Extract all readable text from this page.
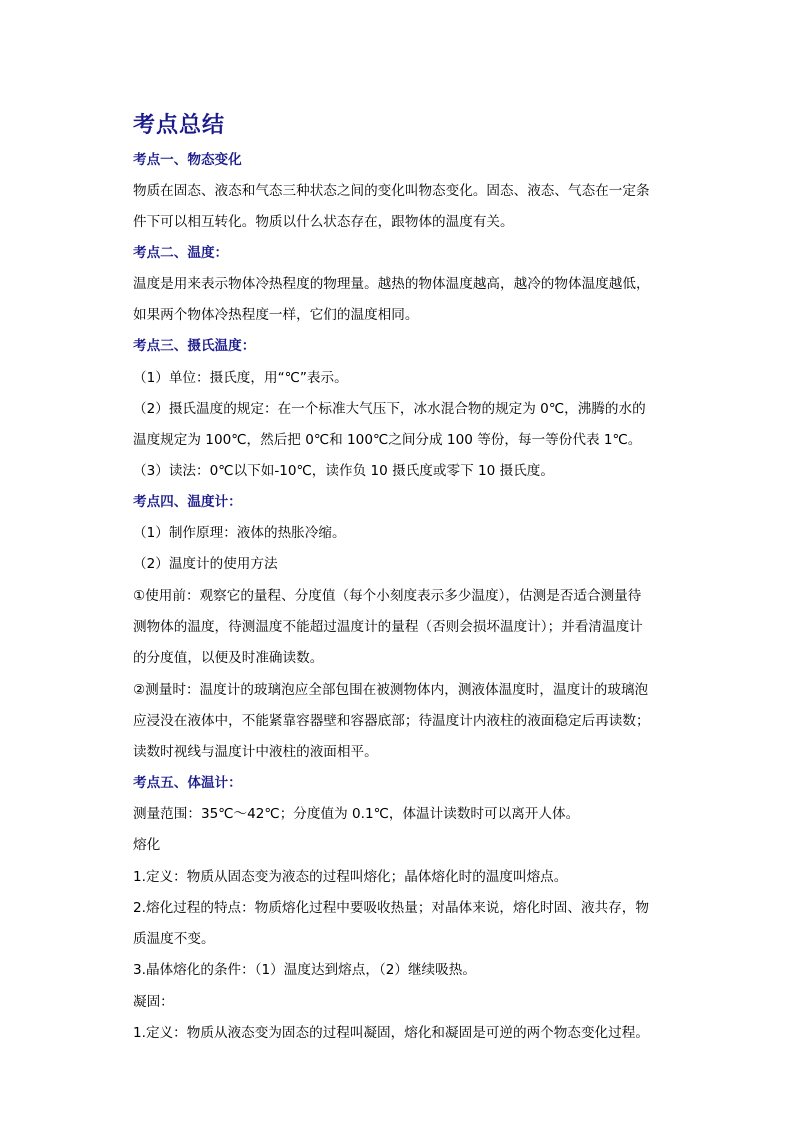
考点总结
考点一、物态变化
物质在固态、液态和气态三种状态之间的变化叫物态变化。固态、液态、气态在一定条
件下可以相互转化。物质以什么状态存在，跟物体的温度有关。
考点二、温度：
温度是用来表示物体冷热程度的物理量。越热的物体温度越高，越冷的物体温度越低，
如果两个物体冷热程度一样，它们的温度相同。
考点三、摄氏温度：
（1）单位：摄氏度，用“℃”表示。
（2）摄氏温度的规定：在一个标准大气压下，冰水混合物的规定为 0℃，沸腾的水的
温度规定为 100℃，然后把 0℃和 100℃之间分成 100 等份，每一等份代表 1℃。
（3）读法：0℃以下如-10℃，读作负 10 摄氏度或零下 10 摄氏度。
考点四、温度计：
（1）制作原理：液体的热胀冷缩。
（2）温度计的使用方法
①使用前：观察它的量程、分度值（每个小刻度表示多少温度），估测是否适合测量待
测物体的温度，待测温度不能超过温度计的量程（否则会损坏温度计）；并看清温度计
的分度值，以便及时准确读数。
②测量时：温度计的玻璃泡应全部包围在被测物体内，测液体温度时，温度计的玻璃泡
应浸没在液体中，不能紧靠容器壁和容器底部；待温度计内液柱的液面稳定后再读数；
读数时视线与温度计中液柱的液面相平。
考点五、体温计：
测量范围：35℃～42℃；分度值为 0.1℃，体温计读数时可以离开人体。
熔化
1.定义：物质从固态变为液态的过程叫熔化；晶体熔化时的温度叫熔点。
2.熔化过程的特点：物质熔化过程中要吸收热量；对晶体来说，熔化时固、液共存，物
质温度不变。
3.晶体熔化的条件：（1）温度达到熔点，（2）继续吸热。
凝固：
1.定义：物质从液态变为固态的过程叫凝固，熔化和凝固是可逆的两个物态变化过程。
